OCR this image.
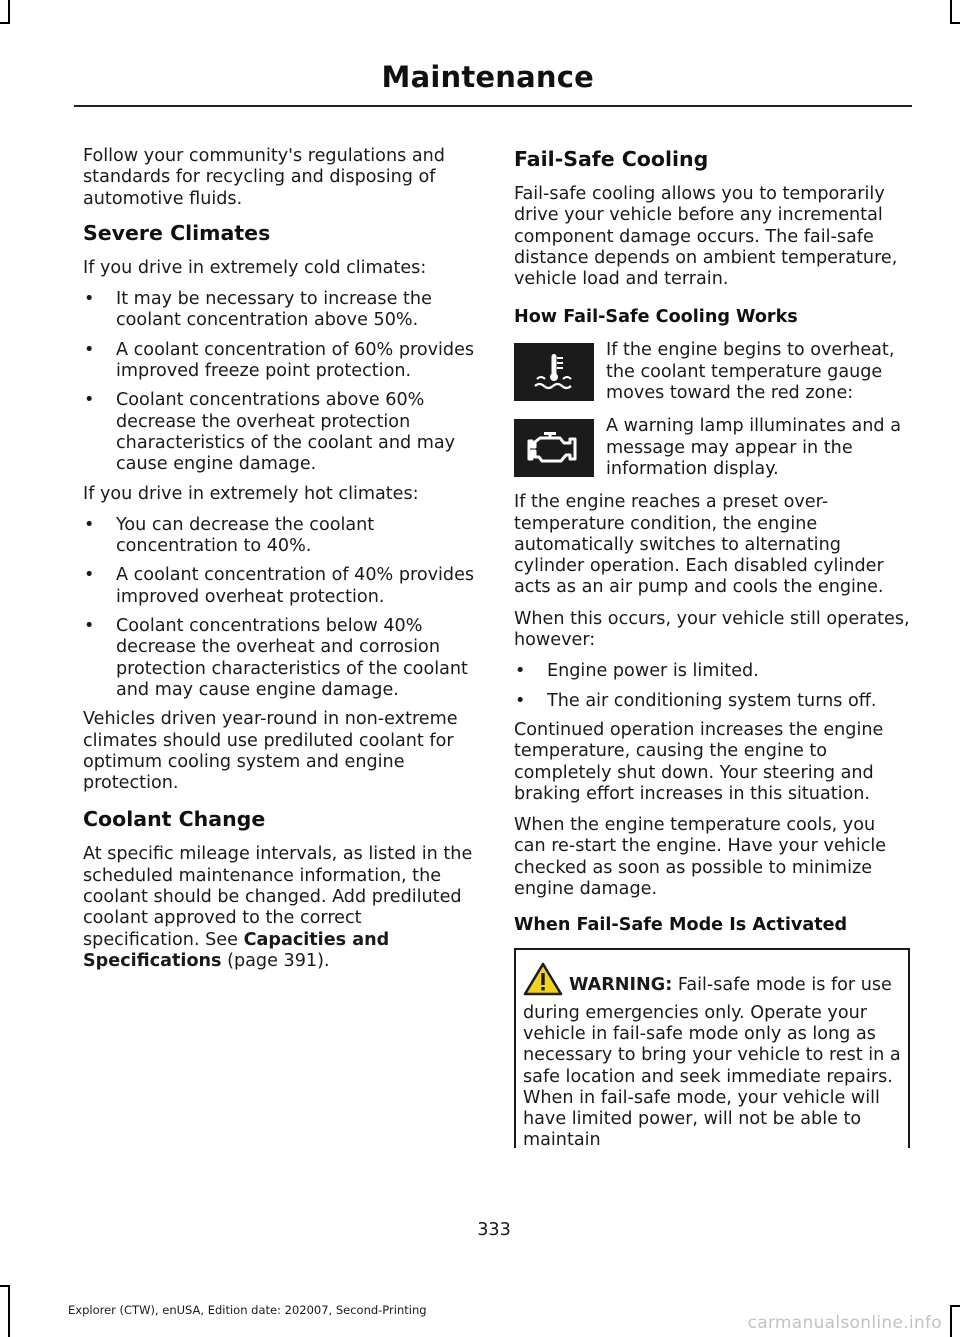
Maintenance

Follow your community's regulations and standards for recycling and disposing of automotive fluids.

Severe Climates

If you drive in extremely cold climates:

• It may be necessary to increase the coolant concentration above 50%.
• A coolant concentration of 60% provides improved freeze point protection.
• Coolant concentrations above 60% decrease the overheat protection characteristics of the coolant and may cause engine damage.

If you drive in extremely hot climates:

• You can decrease the coolant concentration to 40%.
• A coolant concentration of 40% provides improved overheat protection.
• Coolant concentrations below 40% decrease the overheat and corrosion protection characteristics of the coolant and may cause engine damage.

Vehicles driven year-round in non-extreme climates should use prediluted coolant for optimum cooling system and engine protection.

Coolant Change

At specific mileage intervals, as listed in the scheduled maintenance information, the coolant should be changed. Add prediluted coolant approved to the correct specification. See Capacities and Specifications (page 391).

Fail-Safe Cooling

Fail-safe cooling allows you to temporarily drive your vehicle before any incremental component damage occurs. The fail-safe distance depends on ambient temperature, vehicle load and terrain.

How Fail-Safe Cooling Works

If the engine begins to overheat, the coolant temperature gauge moves toward the red zone:

A warning lamp illuminates and a message may appear in the information display.

If the engine reaches a preset over-temperature condition, the engine automatically switches to alternating cylinder operation. Each disabled cylinder acts as an air pump and cools the engine.

When this occurs, your vehicle still operates, however:

• Engine power is limited.
• The air conditioning system turns off.

Continued operation increases the engine temperature, causing the engine to completely shut down. Your steering and braking effort increases in this situation.

When the engine temperature cools, you can re-start the engine. Have your vehicle checked as soon as possible to minimize engine damage.

When Fail-Safe Mode Is Activated
WARNING: Fail-safe mode is for use during emergencies only. Operate your vehicle in fail-safe mode only as long as necessary to bring your vehicle to rest in a safe location and seek immediate repairs. When in fail-safe mode, your vehicle will have limited power, will not be able to maintain
333
Explorer (CTW), enUSA, Edition date: 202007, Second-Printing
carmanualsonline.info
